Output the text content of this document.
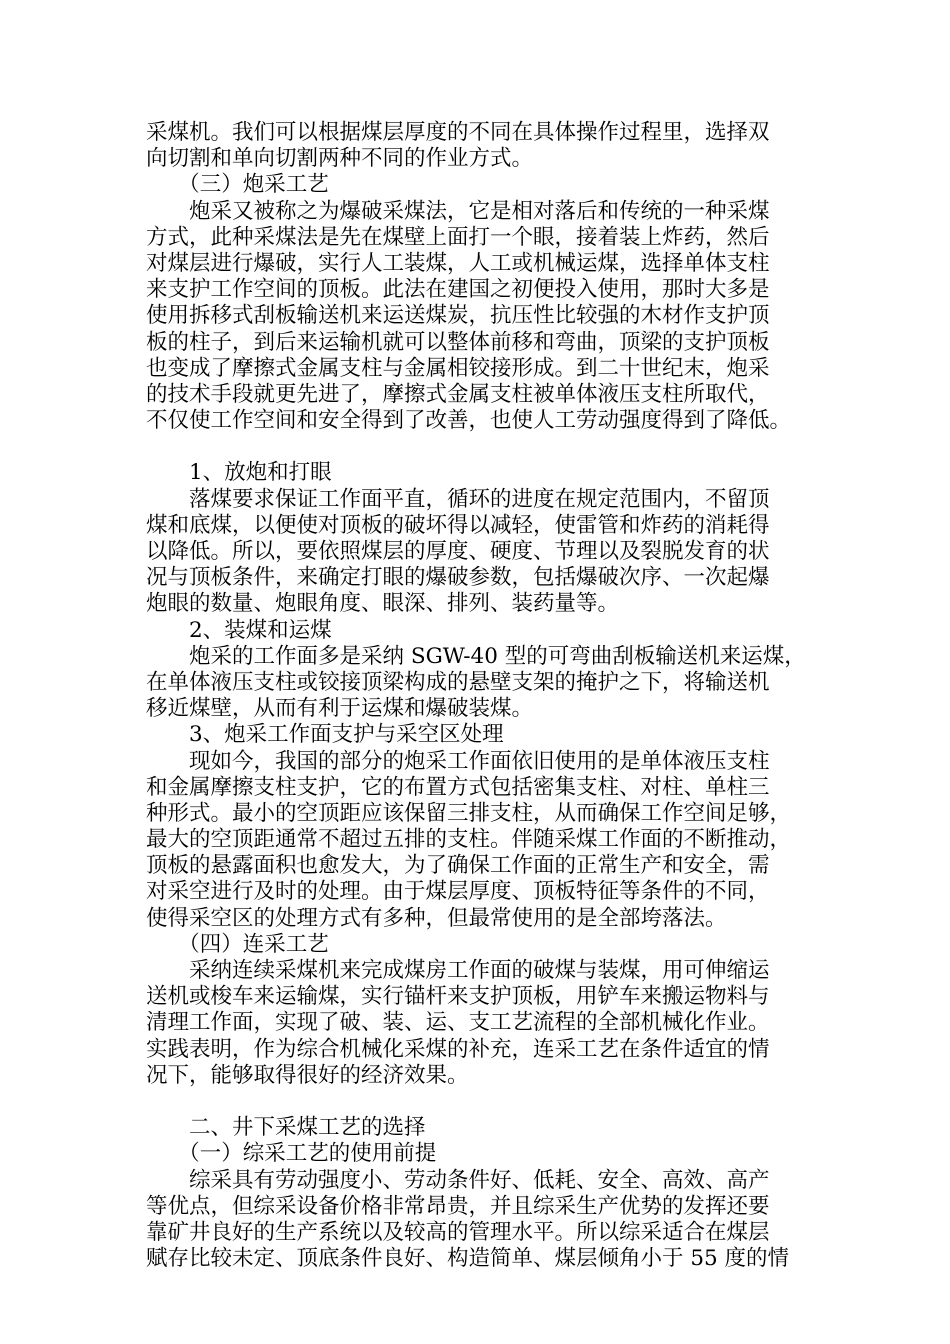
采煤机。我们可以根据煤层厚度的不同在具体操作过程里，选择双
向切割和单向切割两种不同的作业方式。
　　（三）炮采工艺
　　炮采又被称之为爆破采煤法，它是相对落后和传统的一种采煤
方式，此种采煤法是先在煤壁上面打一个眼，接着装上炸药，然后
对煤层进行爆破，实行人工装煤，人工或机械运煤，选择单体支柱
来支护工作空间的顶板。此法在建国之初便投入使用，那时大多是
使用拆移式刮板输送机来运送煤炭，抗压性比较强的木材作支护顶
板的柱子，到后来运输机就可以整体前移和弯曲，顶梁的支护顶板
也变成了摩擦式金属支柱与金属相铰接形成。到二十世纪末，炮采
的技术手段就更先进了，摩擦式金属支柱被单体液压支柱所取代，
不仅使工作空间和安全得到了改善，也使人工劳动强度得到了降低。
　　1、放炮和打眼
　　落煤要求保证工作面平直，循环的进度在规定范围内，不留顶
煤和底煤，以便使对顶板的破坏得以减轻，使雷管和炸药的消耗得
以降低。所以，要依照煤层的厚度、硬度、节理以及裂脱发育的状
况与顶板条件，来确定打眼的爆破参数，包括爆破次序、一次起爆
炮眼的数量、炮眼角度、眼深、排列、装药量等。
　　2、装煤和运煤
　　炮采的工作面多是采纳 SGW-40 型的可弯曲刮板输送机来运煤，
在单体液压支柱或铰接顶梁构成的悬壁支架的掩护之下，将输送机
移近煤壁，从而有利于运煤和爆破装煤。
　　3、炮采工作面支护与采空区处理
　　现如今，我国的部分的炮采工作面依旧使用的是单体液压支柱
和金属摩擦支柱支护，它的布置方式包括密集支柱、对柱、单柱三
种形式。最小的空顶距应该保留三排支柱，从而确保工作空间足够，
最大的空顶距通常不超过五排的支柱。伴随采煤工作面的不断推动，
顶板的悬露面积也愈发大，为了确保工作面的正常生产和安全，需
对采空进行及时的处理。由于煤层厚度、顶板特征等条件的不同，
使得采空区的处理方式有多种，但最常使用的是全部垮落法。
　　（四）连采工艺
　　采纳连续采煤机来完成煤房工作面的破煤与装煤，用可伸缩运
送机或梭车来运输煤，实行锚杆来支护顶板，用铲车来搬运物料与
清理工作面，实现了破、装、运、支工艺流程的全部机械化作业。
实践表明，作为综合机械化采煤的补充，连采工艺在条件适宜的情
况下，能够取得很好的经济效果。
　　二、井下采煤工艺的选择
　　（一）综采工艺的使用前提
　　综采具有劳动强度小、劳动条件好、低耗、安全、高效、高产
等优点，但综采设备价格非常昂贵，并且综采生产优势的发挥还要
靠矿井良好的生产系统以及较高的管理水平。所以综采适合在煤层
赋存比较未定、顶底条件良好、构造简单、煤层倾角小于 55 度的情
